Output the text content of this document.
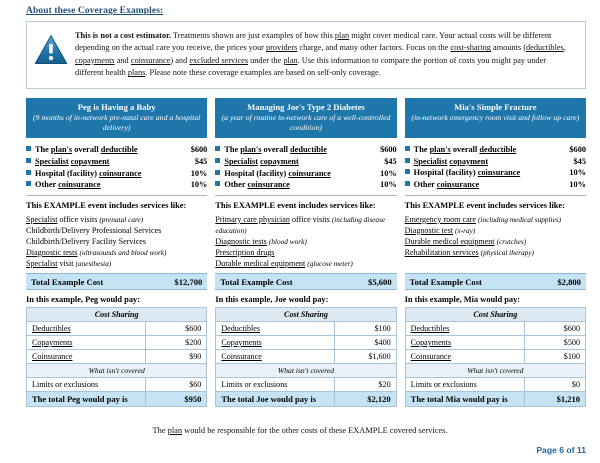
About these Coverage Examples:
This is not a cost estimator. Treatments shown are just examples of how this plan might cover medical care. Your actual costs will be different depending on the actual care you receive, the prices your providers charge, and many other factors. Focus on the cost-sharing amounts (deductibles, copayments and coinsurance) and excluded services under the plan. Use this information to compare the portion of costs you might pay under different health plans. Please note these coverage examples are based on self-only coverage.
Peg is Having a Baby
(9 months of in-network pre-natal care and a hospital delivery)
The plan's overall deductible	$600
Specialist copayment	$45
Hospital (facility) coinsurance	10%
Other coinsurance	10%
This EXAMPLE event includes services like:
Specialist office visits (prenatal care)
Childbirth/Delivery Professional Services
Childbirth/Delivery Facility Services
Diagnostic tests (ultrasounds and blood work)
Specialist visit (anesthesia)
Total Example Cost	$12,700
In this example, Peg would pay:
Cost Sharing	
Deductibles	$600
Copayments	$200
Coinsurance	$90
What isn't covered	
Limits or exclusions	$60
The total Peg would pay is	$950
Managing Joe's Type 2 Diabetes
(a year of routine in-network care of a well-controlled condition)
The plan's overall deductible	$600
Specialist copayment	$45
Hospital (facility) coinsurance	10%
Other coinsurance	10%
This EXAMPLE event includes services like:
Primary care physician office visits (including disease education)
Diagnostic tests (blood work)
Prescription drugs
Durable medical equipment (glucose meter)
Total Example Cost	$5,600
In this example, Joe would pay:
Cost Sharing	
Deductibles	$100
Copayments	$400
Coinsurance	$1,600
What isn't covered	
Limits or exclusions	$20
The total Joe would pay is	$2,120
Mia's Simple Fracture
(in-network emergency room visit and follow up care)
The plan's overall deductible	$600
Specialist copayment	$45
Hospital (facility) coinsurance	10%
Other coinsurance	10%
This EXAMPLE event includes services like:
Emergency room care (including medical supplies)
Diagnostic test (x-ray)
Durable medical equipment (crutches)
Rehabilitation services (physical therapy)
Total Example Cost	$2,800
In this example, Mia would pay:
Cost Sharing	
Deductibles	$600
Copayments	$500
Coinsurance	$100
What isn't covered	
Limits or exclusions	$0
The total Mia would pay is	$1,210
The plan would be responsible for the other costs of these EXAMPLE covered services.
Page 6 of 11
